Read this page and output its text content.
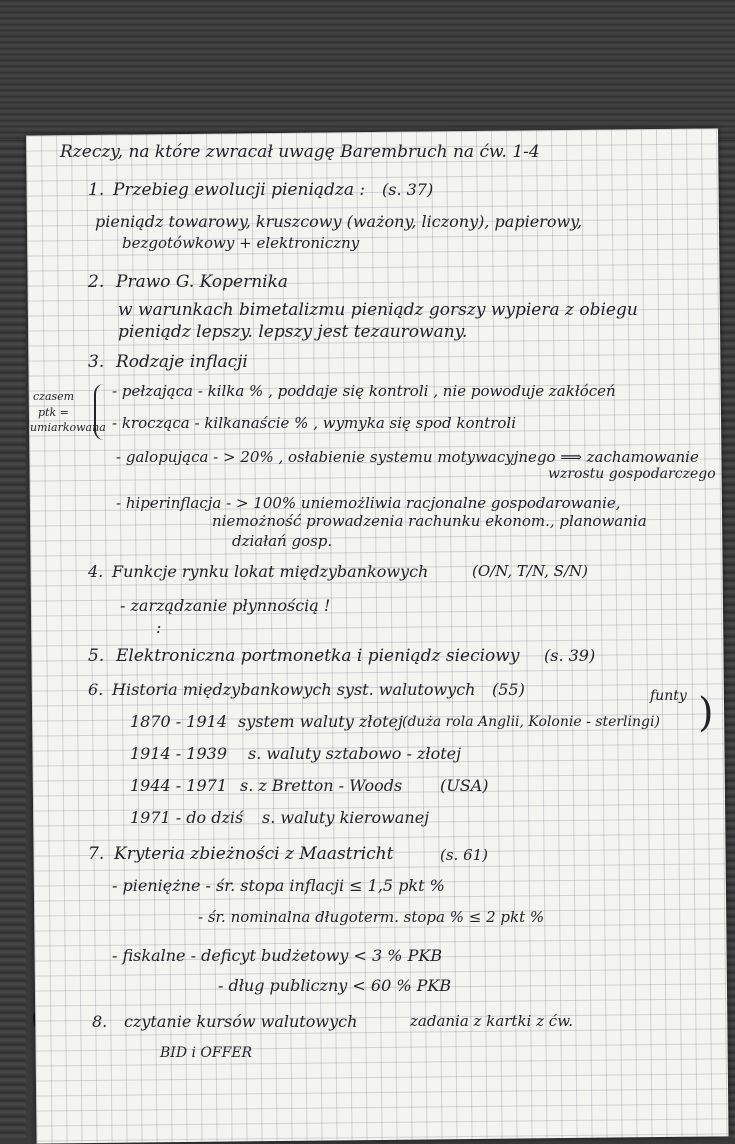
Rzeczy, na które zwracał uwagę Barembruch na ćw. 1-4
1. Przebieg ewolucji pieniądza : (s. 37)
pieniądz towarowy, kruszcowy (ważony, liczony), papierowy,
bezgotówkowy + elektroniczny
2. Prawo G. Kopernika
w warunkach bimetalizmu pieniądz gorszy wypiera z obiegu
pieniądz lepszy. lepszy jest tezaurowany.
3. Rodzaje inflacji
czasem
ptk =
umiarkowana
- pełzająca - kilka % , poddaje się kontroli , nie powoduje zakłóceń
- krocząca - kilkanaście % , wymyka się spod kontroli
- galopująca - > 20% , osłabienie systemu motywacyjnego ⟹ zachamowanie
wzrostu gospodarczego
- hiperinflacja - > 100% uniemożliwia racjonalne gospodarowanie,
niemożność prowadzenia rachunku ekonom., planowania
działań gosp.
4. Funkcje rynku lokat międzybankowych	(O/N, T/N, S/N)
- zarządzanie płynnością !
:
5. Elektroniczna portmonetka i pieniądz sieciowy (s. 39)
6. Historia międzybankowych syst. walutowych (55)	funty
1870 - 1914 system waluty złotej (duża rola Anglii, Kolonie - sterlingi) )
1914 - 1939 s. waluty sztabowo - złotej
1944 - 1971 s. z Bretton - Woods (USA)
1971 - do dziś s. waluty kierowanej
7. Kryteria zbieżności z Maastricht	(s. 61)
- pieniężne - śr. stopa inflacji ≤ 1,5 pkt %
- śr. nominalna długoterm. stopa % ≤ 2 pkt %
- fiskalne - deficyt budżetowy < 3 % PKB
- dług publiczny < 60 % PKB
8. czytanie kursów walutowych	zadania z kartki z ćw.
BID i OFFER
